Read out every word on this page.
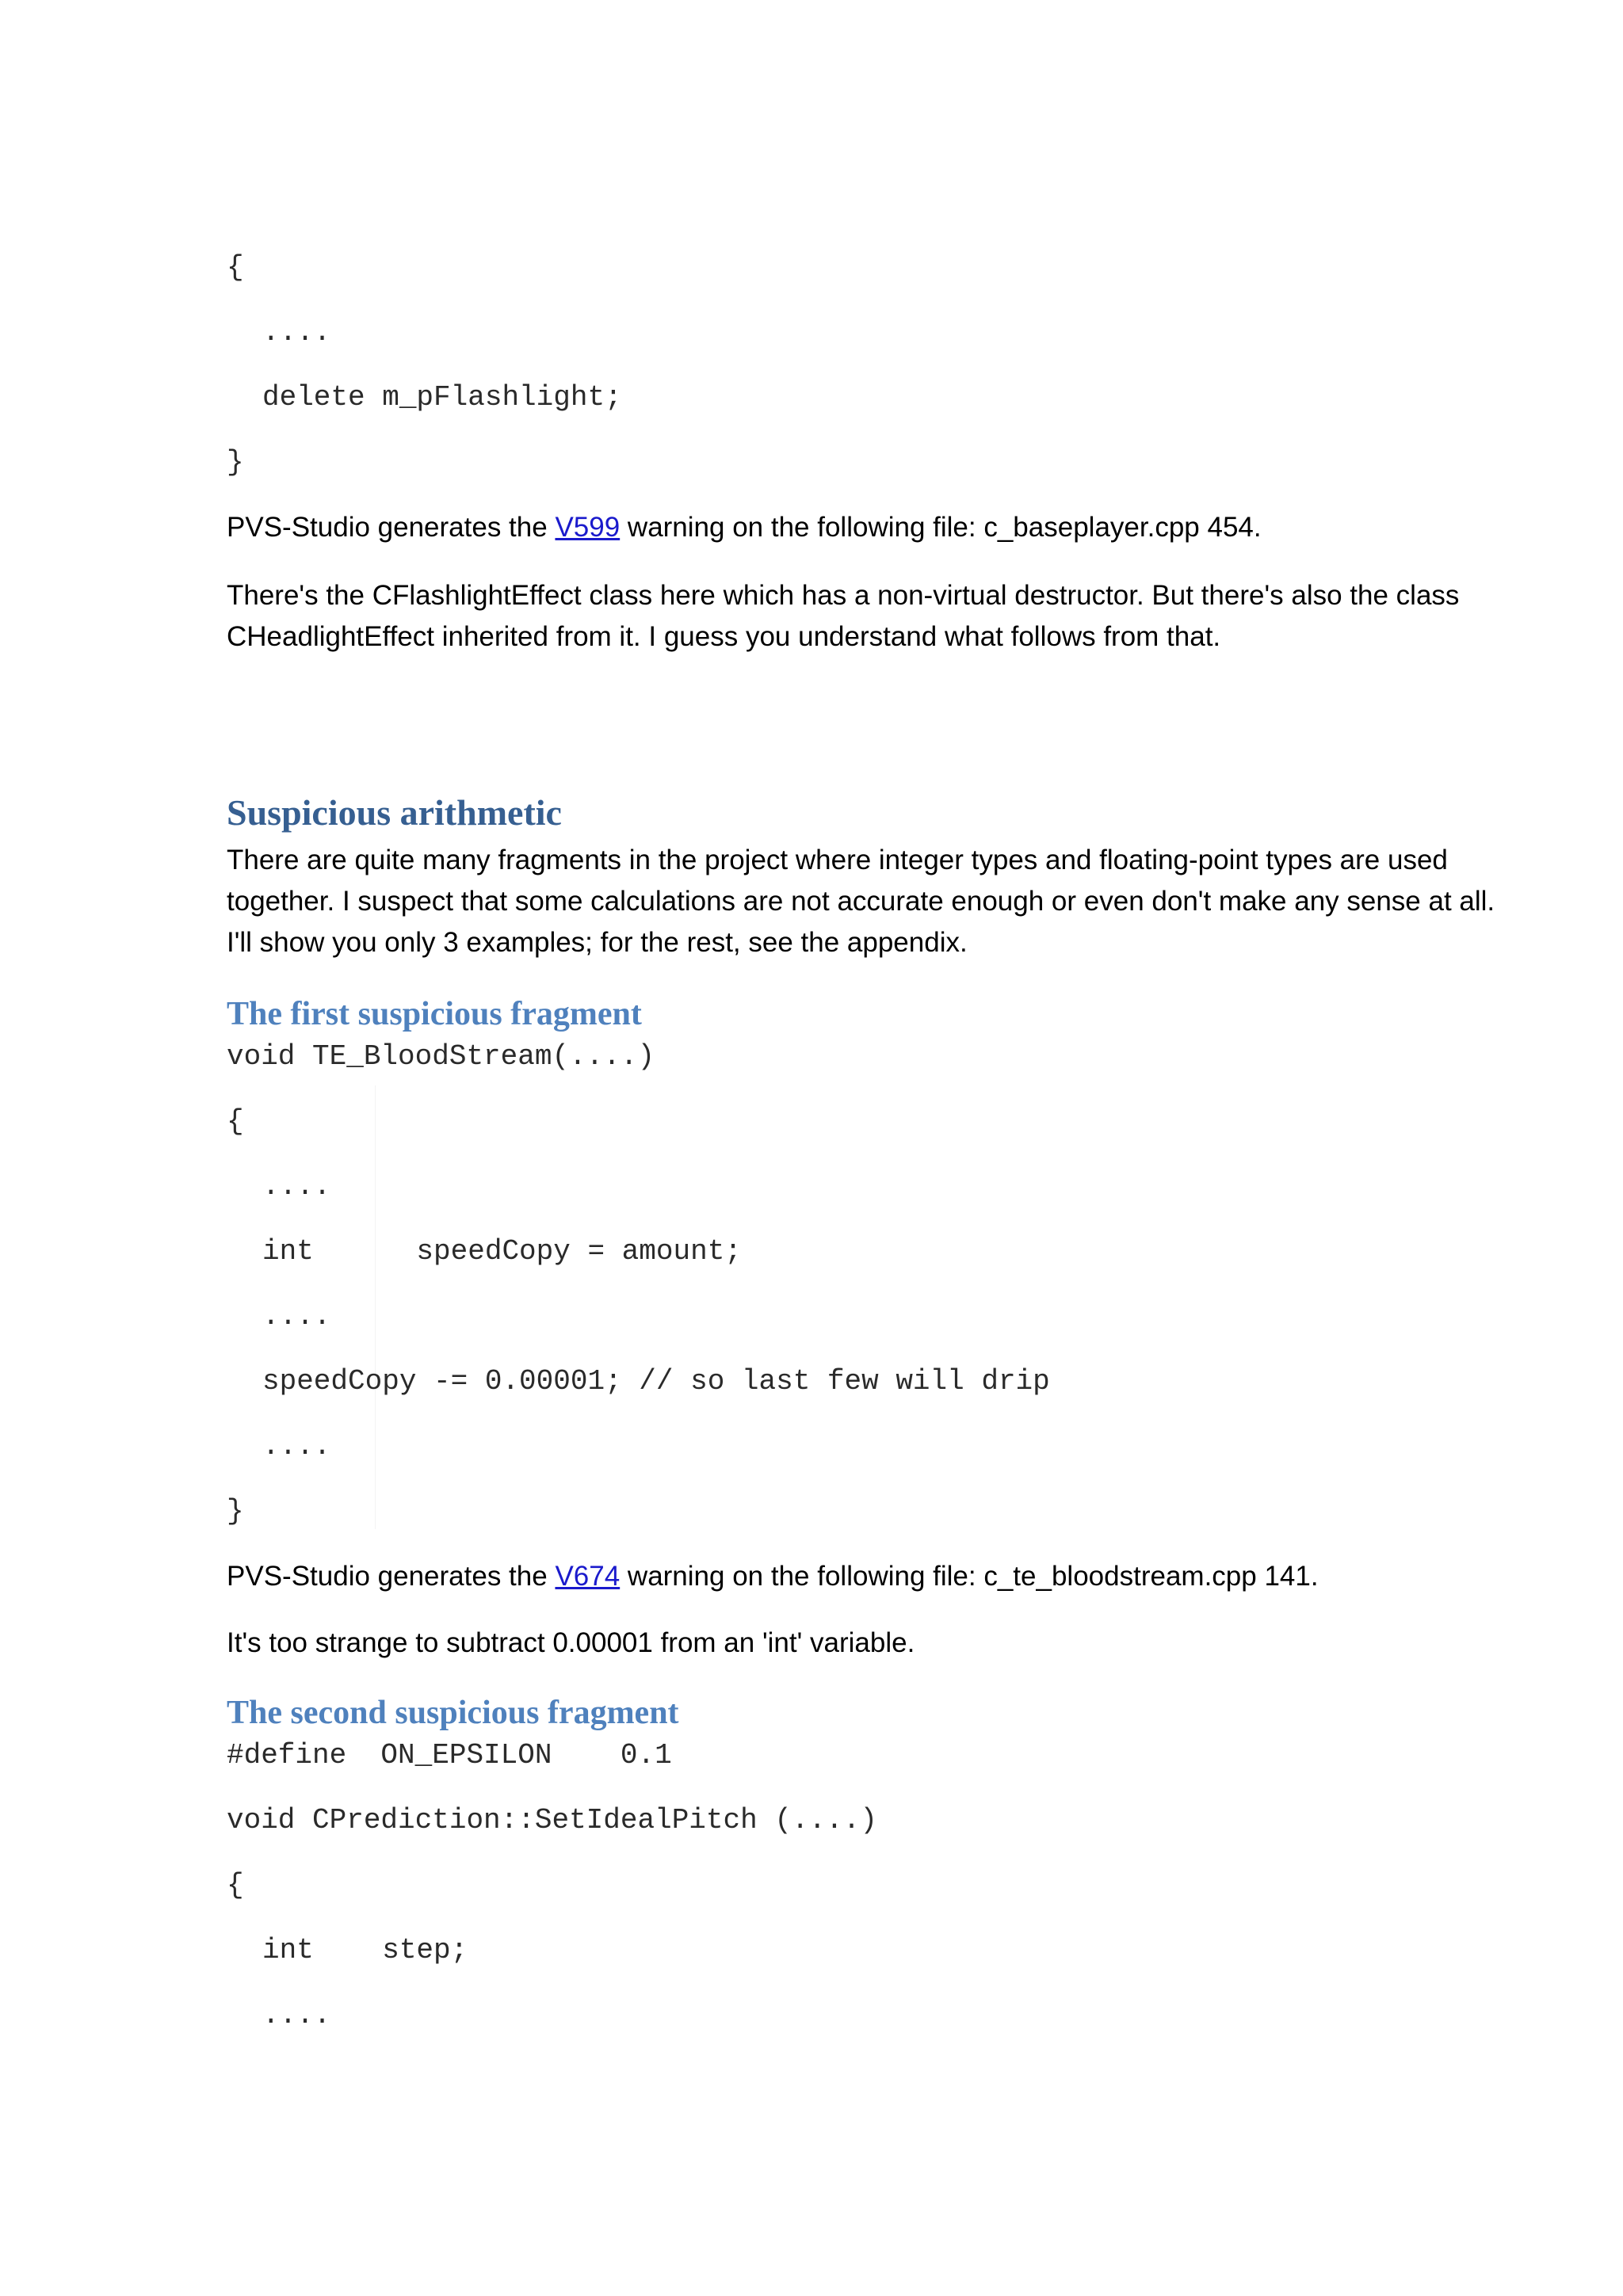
{
....
delete m_pFlashlight;
}

PVS-Studio generates the V599 warning on the following file: c_baseplayer.cpp 454.

There's the CFlashlightEffect class here which has a non-virtual destructor. But there's also the class CHeadlightEffect inherited from it. I guess you understand what follows from that.

Suspicious arithmetic

There are quite many fragments in the project where integer types and floating-point types are used together. I suspect that some calculations are not accurate enough or even don't make any sense at all. I'll show you only 3 examples; for the rest, see the appendix.

The first suspicious fragment
void TE_BloodStream(....)
{
....
int      speedCopy = amount;
....
speedCopy -= 0.00001; // so last few will drip
....
}

PVS-Studio generates the V674 warning on the following file: c_te_bloodstream.cpp 141.

It's too strange to subtract 0.00001 from an 'int' variable.

The second suspicious fragment
#define  ON_EPSILON    0.1
void CPrediction::SetIdealPitch (....)
{
int    step;
....
